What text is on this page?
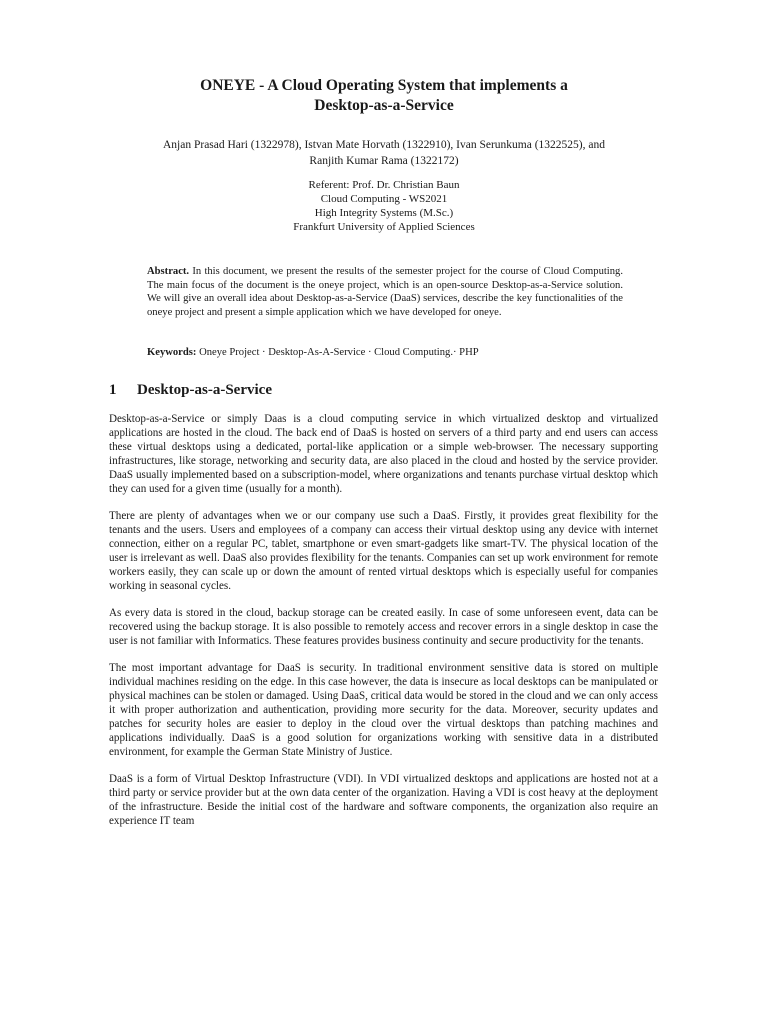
ONEYE - A Cloud Operating System that implements a
Desktop-as-a-Service
Anjan Prasad Hari (1322978), Istvan Mate Horvath (1322910), Ivan Serunkuma (1322525), and
Ranjith Kumar Rama (1322172)
Referent: Prof. Dr. Christian Baun
Cloud Computing - WS2021
High Integrity Systems (M.Sc.)
Frankfurt University of Applied Sciences
Abstract. In this document, we present the results of the semester project for the course of Cloud Computing. The main focus of the document is the oneye project, which is an open-source Desktop-as-a-Service solution. We will give an overall idea about Desktop-as-a-Service (DaaS) services, describe the key functionalities of the oneye project and present a simple application which we have developed for oneye.
Keywords: Oneye Project · Desktop-As-A-Service · Cloud Computing.· PHP
1 Desktop-as-a-Service

Desktop-as-a-Service or simply Daas is a cloud computing service in which virtualized desktop and virtualized applications are hosted in the cloud. The back end of DaaS is hosted on servers of a third party and end users can access these virtual desktops using a dedicated, portal-like application or a simple web-browser. The necessary supporting infrastructures, like storage, networking and security data, are also placed in the cloud and hosted by the service provider. DaaS usually implemented based on a subscription-model, where organizations and tenants purchase virtual desktop which they can used for a given time (usually for a month).

There are plenty of advantages when we or our company use such a DaaS. Firstly, it provides great flexibility for the tenants and the users. Users and employees of a company can access their virtual desktop using any device with internet connection, either on a regular PC, tablet, smartphone or even smart-gadgets like smart-TV. The physical location of the user is irrelevant as well. DaaS also provides flexibility for the tenants. Companies can set up work environment for remote workers easily, they can scale up or down the amount of rented virtual desktops which is especially useful for companies working in seasonal cycles.

As every data is stored in the cloud, backup storage can be created easily. In case of some unforeseen event, data can be recovered using the backup storage. It is also possible to remotely access and recover errors in a single desktop in case the user is not familiar with Informatics. These features provides business continuity and secure productivity for the tenants.

The most important advantage for DaaS is security. In traditional environment sensitive data is stored on multiple individual machines residing on the edge. In this case however, the data is insecure as local desktops can be manipulated or physical machines can be stolen or damaged. Using DaaS, critical data would be stored in the cloud and we can only access it with proper authorization and authentication, providing more security for the data. Moreover, security updates and patches for security holes are easier to deploy in the cloud over the virtual desktops than patching machines and applications individually. DaaS is a good solution for organizations working with sensitive data in a distributed environment, for example the German State Ministry of Justice.

DaaS is a form of Virtual Desktop Infrastructure (VDI). In VDI virtualized desktops and applications are hosted not at a third party or service provider but at the own data center of the organization. Having a VDI is cost heavy at the deployment of the infrastructure. Beside the initial cost of the hardware and software components, the organization also require an experience IT team
